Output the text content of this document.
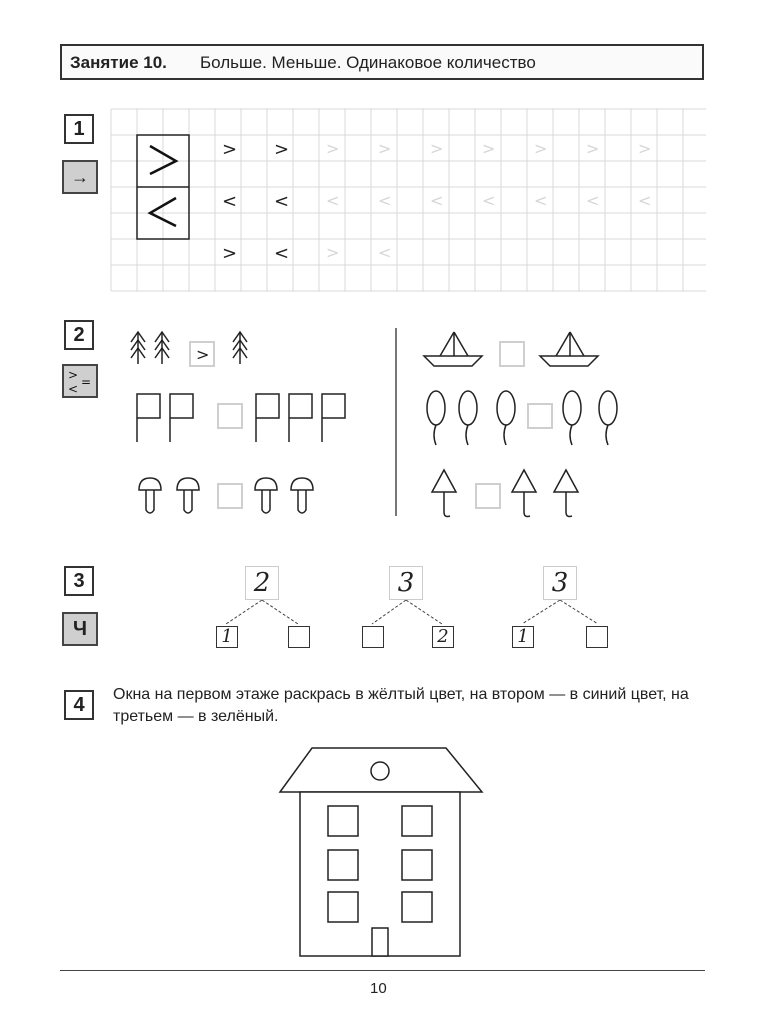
Занятие 10. Больше. Меньше. Одинаковое количество
1
→
> >
< <
> <
> > > > > > >
< < < < < < <
> <
2
> =
<
>
3
Ч
2	3	3
1	2	1
4	Окна на первом этаже раскрась в жёлтый цвет, на втором — в синий цвет, на третьем — в зелёный.
10
